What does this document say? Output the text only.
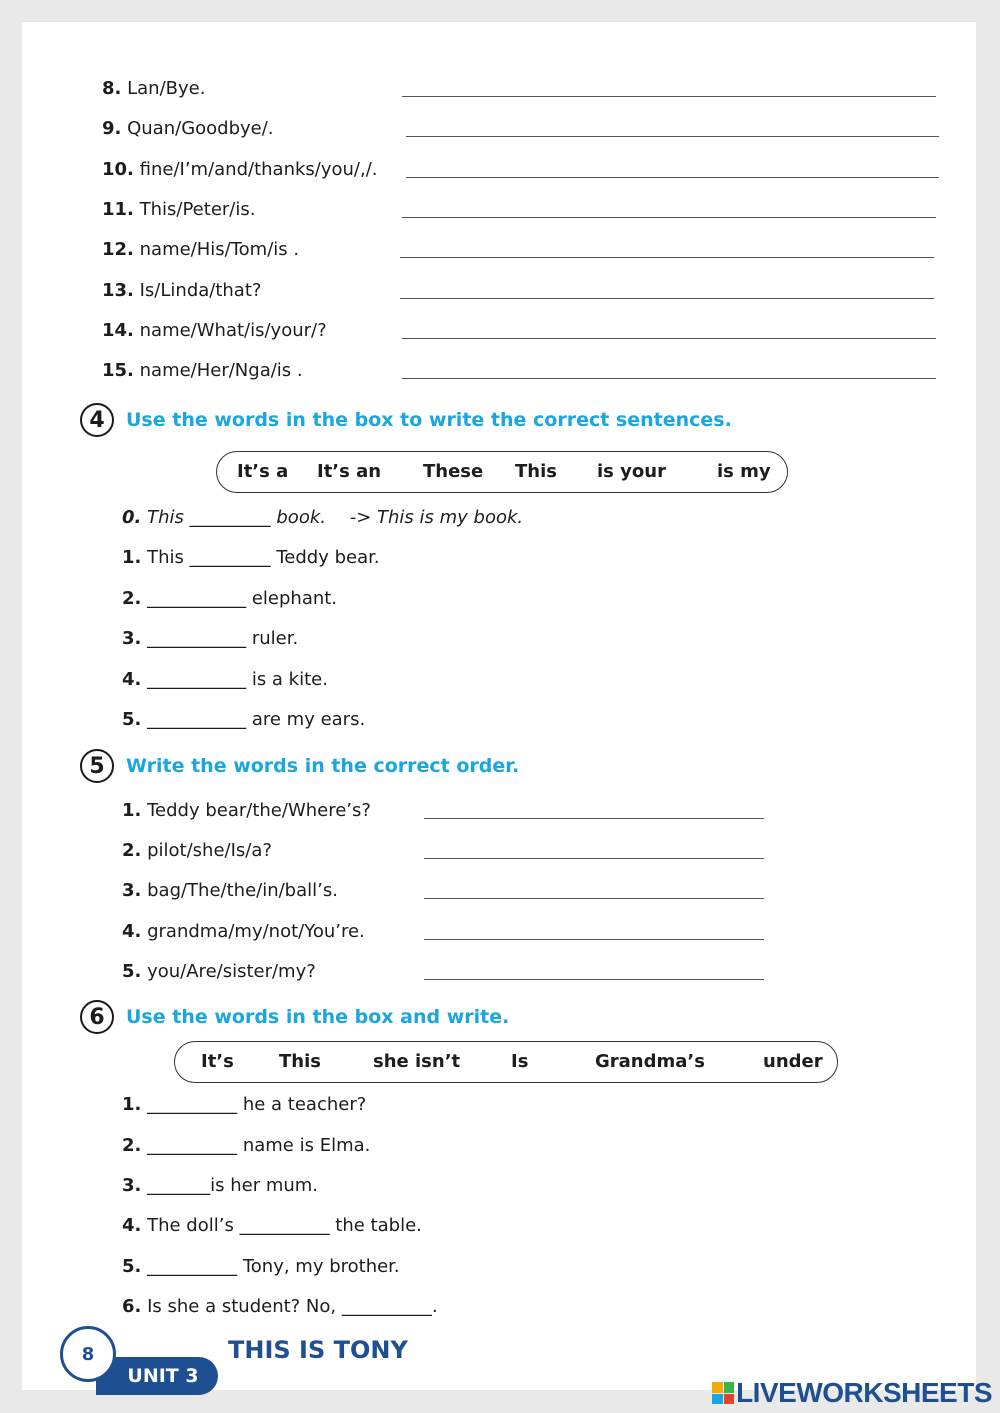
8. Lan/Bye.
9. Quan/Goodbye/.
10. fine/I’m/and/thanks/you/,/.
11. This/Peter/is.
12. name/His/Tom/is .
13. Is/Linda/that?
14. name/What/is/your/?
15. name/Her/Nga/is .
4	Use the words in the box to write the correct sentences.
It’s a It’s an These This is your	is my
0. This _________ book. -> This is my book.
1. This _________ Teddy bear.
2. ___________ elephant.
3. ___________ ruler.
4. ___________ is a kite.
5. ___________ are my ears.
5	Write the words in the correct order.
1. Teddy bear/the/Where’s?
2. pilot/she/Is/a?
3. bag/The/the/in/ball’s.
4. grandma/my/not/You’re.
5. you/Are/sister/my?
6	Use the words in the box and write.
It’s	This	she isn’t	Is	Grandma’s	under
1. __________ he a teacher?
2. __________ name is Elma.
3. _______is her mum.
4. The doll’s __________ the table.
5. __________ Tony, my brother.
6. Is she a student? No, __________.
UNIT 3
8	THIS IS TONY
LIVEWORKSHEETS
